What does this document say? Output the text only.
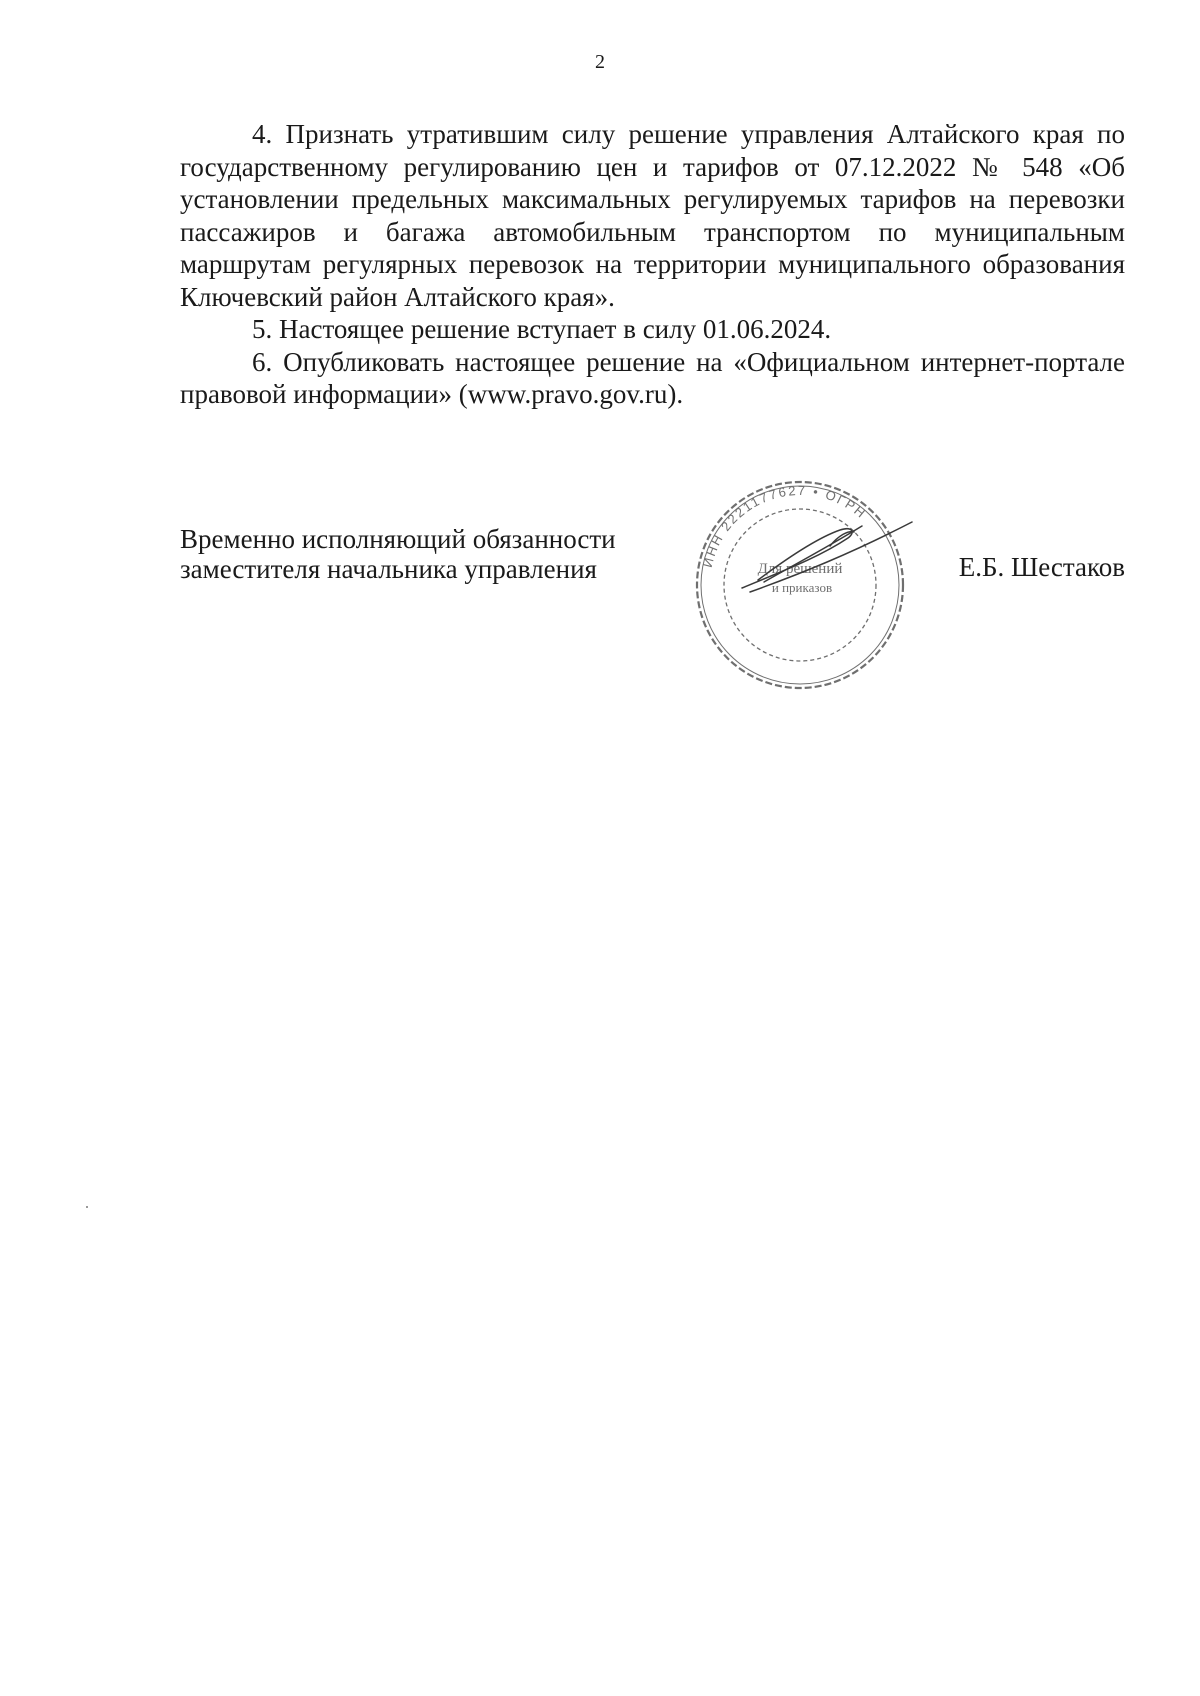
2

4. Признать утратившим силу решение управления Алтайского края по государственному регулированию цен и тарифов от 07.12.2022 № 548 «Об установлении предельных максимальных регулируемых тарифов на перевозки пассажиров и багажа автомобильным транспортом по муниципальным маршрутам регулярных перевозок на территории муниципального образования Ключевский район Алтайского края».

5. Настоящее решение вступает в силу 01.06.2024.

6. Опубликовать настоящее решение на «Официальном интернет-портале правовой информации» (www.pravo.gov.ru).

Временно исполняющий обязанности
заместителя начальника управления	ИНН 2221177627 • ОГРН
Для решений
и приказов
Е.Б. Шестаков
